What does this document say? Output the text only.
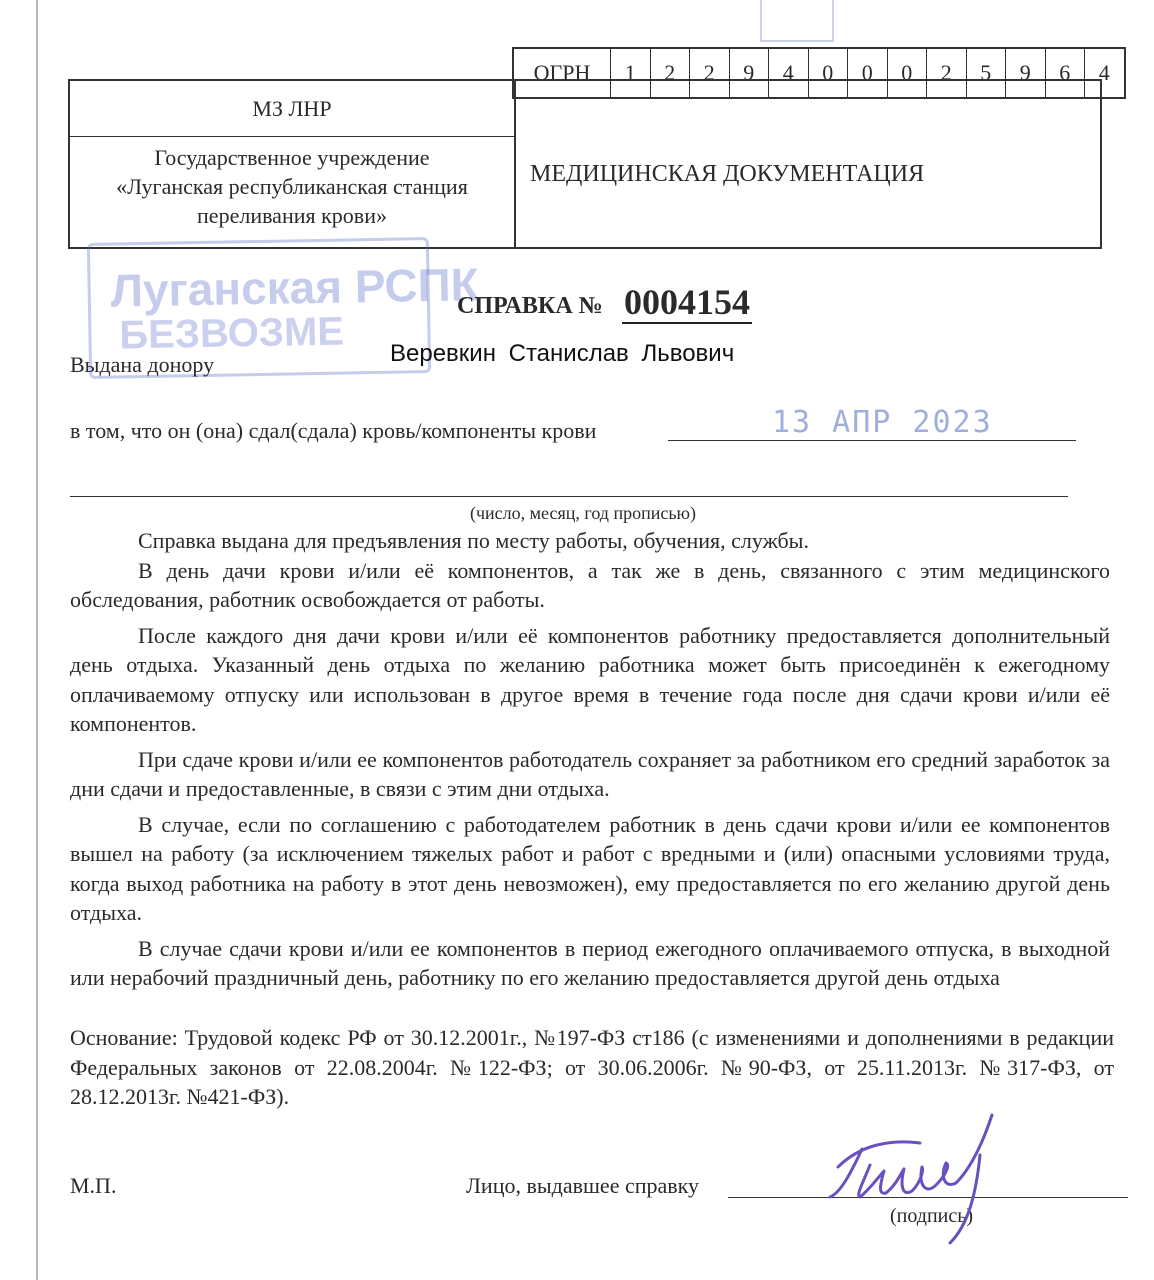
ОГРН	1	2	2	9	4	0	0	0	2	5	9	6	4
МЗ ЛНР
Государственное учреждение
«Луганская республиканская станция
переливания крови»
МЕДИЦИНСКАЯ ДОКУМЕНТАЦИЯ
Луганская РСПК
БЕЗВОЗМЕ
СПРАВКА № 0004154
Выдана донору	Веревкин Станислав Львович
в том, что он (она) сдал(сдала) кровь/компоненты крови	13 АПР 2023
(число, месяц, год прописью)

Справка выдана для предъявления по месту работы, обучения, службы.

В день дачи крови и/или её компонентов, а так же в день, связанного с этим медицинского обследования, работник освобождается от работы.

После каждого дня дачи крови и/или её компонентов работнику предоставляется дополнительный день отдыха. Указанный день отдыха по желанию работника может быть присоединён к ежегодному оплачиваемому отпуску или использован в другое время в течение года после дня сдачи крови и/или её компонентов.

При сдаче крови и/или ее компонентов работодатель сохраняет за работником его средний заработок за дни сдачи и предоставленные, в связи с этим дни отдыха.

В случае, если по соглашению с работодателем работник в день сдачи крови и/или ее компонентов вышел на работу (за исключением тяжелых работ и работ с вредными и (или) опасными условиями труда, когда выход работника на работу в этот день невозможен), ему предоставляется по его желанию другой день отдыха.

В случае сдачи крови и/или ее компонентов в период ежегодного оплачиваемого отпуска, в выходной или нерабочий праздничный день, работнику по его желанию предоставляется другой день отдыха

Основание: Трудовой кодекс РФ от 30.12.2001г., №197-ФЗ ст186 (с изменениями и дополнениями в редакции Федеральных законов от 22.08.2004г. №122-ФЗ; от 30.06.2006г. №90-ФЗ, от 25.11.2013г. №317-ФЗ, от 28.12.2013г. №421-ФЗ).
М.П.	Лицо, выдавшее справку
(подпись)
